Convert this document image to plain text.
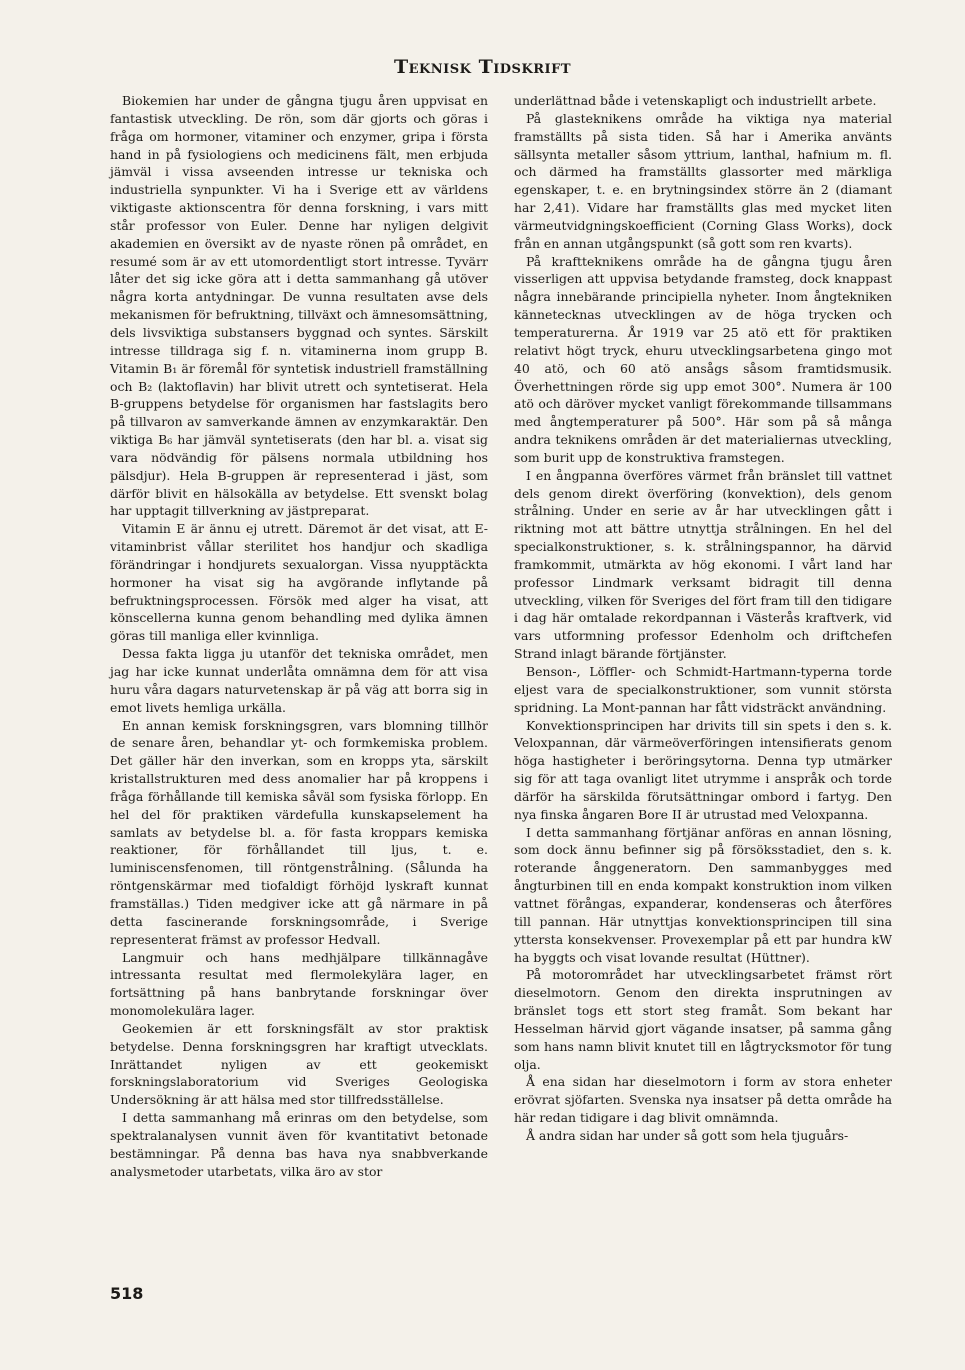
Teknisk Tidskrift

Biokemien har under de gångna tjugu åren uppvisat en fantastisk utveckling. De rön, som där gjorts och göras i fråga om hormoner, vitaminer och enzymer, gripa i första hand in på fysiologiens och medicinens fält, men erbjuda jämväl i vissa avseenden intresse ur tekniska och industriella synpunkter. Vi ha i Sverige ett av världens viktigaste aktionscentra för denna forskning, i vars mitt står professor von Euler. Denne har nyligen delgivit akademien en översikt av de nyaste rönen på området, en resumé som är av ett utomordentligt stort intresse. Tyvärr låter det sig icke göra att i detta sammanhang gå utöver några korta antydningar. De vunna resultaten avse dels mekanismen för befruktning, tillväxt och ämnesomsättning, dels livsviktiga substansers byggnad och syntes. Särskilt intresse tilldraga sig f. n. vitaminerna inom grupp B. Vitamin B₁ är föremål för syntetisk industriell framställning och B₂ (laktoflavin) har blivit utrett och syntetiserat. Hela B-gruppens betydelse för organismen har fastslagits bero på tillvaron av samverkande ämnen av enzymkaraktär. Den viktiga B₆ har jämväl syntetiserats (den har bl. a. visat sig vara nödvändig för pälsens normala utbildning hos pälsdjur). Hela B-gruppen är representerad i jäst, som därför blivit en hälsokälla av betydelse. Ett svenskt bolag har upptagit tillverkning av jästpreparat.

Vitamin E är ännu ej utrett. Däremot är det visat, att E-vitaminbrist vållar sterilitet hos handjur och skadliga förändringar i hondjurets sexualorgan. Vissa nyupptäckta hormoner ha visat sig ha avgörande inflytande på befruktningsprocessen. Försök med alger ha visat, att könscellerna kunna genom behandling med dylika ämnen göras till manliga eller kvinnliga.

Dessa fakta ligga ju utanför det tekniska området, men jag har icke kunnat underlåta omnämna dem för att visa huru våra dagars naturvetenskap är på väg att borra sig in emot livets hemliga urkälla.

En annan kemisk forskningsgren, vars blomning tillhör de senare åren, behandlar yt- och formkemiska problem. Det gäller här den inverkan, som en kropps yta, särskilt kristallstrukturen med dess anomalier har på kroppens i fråga förhållande till kemiska såväl som fysiska förlopp. En hel del för praktiken värdefulla kunskapselement ha samlats av betydelse bl. a. för fasta kroppars kemiska reaktioner, för förhållandet till ljus, t. e. luminiscensfenomen, till röntgenstrålning. (Sålunda ha röntgenskärmar med tiofaldigt förhöjd lyskraft kunnat framställas.) Tiden medgiver icke att gå närmare in på detta fascinerande forskningsområde, i Sverige representerat främst av professor Hedvall.

Langmuir och hans medhjälpare tillkännagåve intressanta resultat med flermolekylära lager, en fortsättning på hans banbrytande forskningar över monomolekulära lager.

Geokemien är ett forskningsfält av stor praktisk betydelse. Denna forskningsgren har kraftigt utvecklats. Inrättandet nyligen av ett geokemiskt forskningslaboratorium vid Sveriges Geologiska Undersökning är att hälsa med stor tillfredsställelse.

I detta sammanhang må erinras om den betydelse, som spektralanalysen vunnit även för kvantitativt betonade bestämningar. På denna bas hava nya snabbverkande analysmetoder utarbetats, vilka äro av stor

underlättnad både i vetenskapligt och industriellt arbete.

På glasteknikens område ha viktiga nya material framställts på sista tiden. Så har i Amerika använts sällsynta metaller såsom yttrium, lanthal, hafnium m. fl. och därmed ha framställts glassorter med märkliga egenskaper, t. e. en brytningsindex större än 2 (diamant har 2,41). Vidare har framställts glas med mycket liten värmeutvidgningskoefficient (Corning Glass Works), dock från en annan utgångspunkt (så gott som ren kvarts).

På kraftteknikens område ha de gångna tjugu åren visserligen att uppvisa betydande framsteg, dock knappast några innebärande principiella nyheter. Inom ångtekniken kännetecknas utvecklingen av de höga trycken och temperaturerna. År 1919 var 25 atö ett för praktiken relativt högt tryck, ehuru utvecklingsarbetena gingo mot 40 atö, och 60 atö ansågs såsom framtidsmusik. Överhettningen rörde sig upp emot 300°. Numera är 100 atö och däröver mycket vanligt förekommande tillsammans med ångtemperaturer på 500°. Här som på så många andra teknikens områden är det materialiernas utveckling, som burit upp de konstruktiva framstegen.

I en ångpanna överföres värmet från bränslet till vattnet dels genom direkt överföring (konvektion), dels genom strålning. Under en serie av år har utvecklingen gått i riktning mot att bättre utnyttja strålningen. En hel del specialkonstruktioner, s. k. strålningspannor, ha därvid framkommit, utmärkta av hög ekonomi. I vårt land har professor Lindmark verksamt bidragit till denna utveckling, vilken för Sveriges del fört fram till den tidigare i dag här omtalade rekordpannan i Västerås kraftverk, vid vars utformning professor Edenholm och driftchefen Strand inlagt bärande förtjänster.

Benson-, Löffler- och Schmidt-Hartmann-typerna torde eljest vara de specialkonstruktioner, som vunnit största spridning. La Mont-pannan har fått vidsträckt användning.

Konvektionsprincipen har drivits till sin spets i den s. k. Veloxpannan, där värmeöverföringen intensifierats genom höga hastigheter i beröringsytorna. Denna typ utmärker sig för att taga ovanligt litet utrymme i anspråk och torde därför ha särskilda förutsättningar ombord i fartyg. Den nya finska ångaren Bore II är utrustad med Veloxpanna.

I detta sammanhang förtjänar anföras en annan lösning, som dock ännu befinner sig på försöksstadiet, den s. k. roterande ånggeneratorn. Den sammanbygges med ångturbinen till en enda kompakt konstruktion inom vilken vattnet förångas, expanderar, kondenseras och återföres till pannan. Här utnyttjas konvektionsprincipen till sina yttersta konsekvenser. Provexemplar på ett par hundra kW ha byggts och visat lovande resultat (Hüttner).

På motorområdet har utvecklingsarbetet främst rört dieselmotorn. Genom den direkta insprutningen av bränslet togs ett stort steg framåt. Som bekant har Hesselman härvid gjort vägande insatser, på samma gång som hans namn blivit knutet till en lågtrycksmotor för tung olja.

Å ena sidan har dieselmotorn i form av stora enheter erövrat sjöfarten. Svenska nya insatser på detta område ha här redan tidigare i dag blivit omnämnda.

Å andra sidan har under så gott som hela tjuguårs-

518
